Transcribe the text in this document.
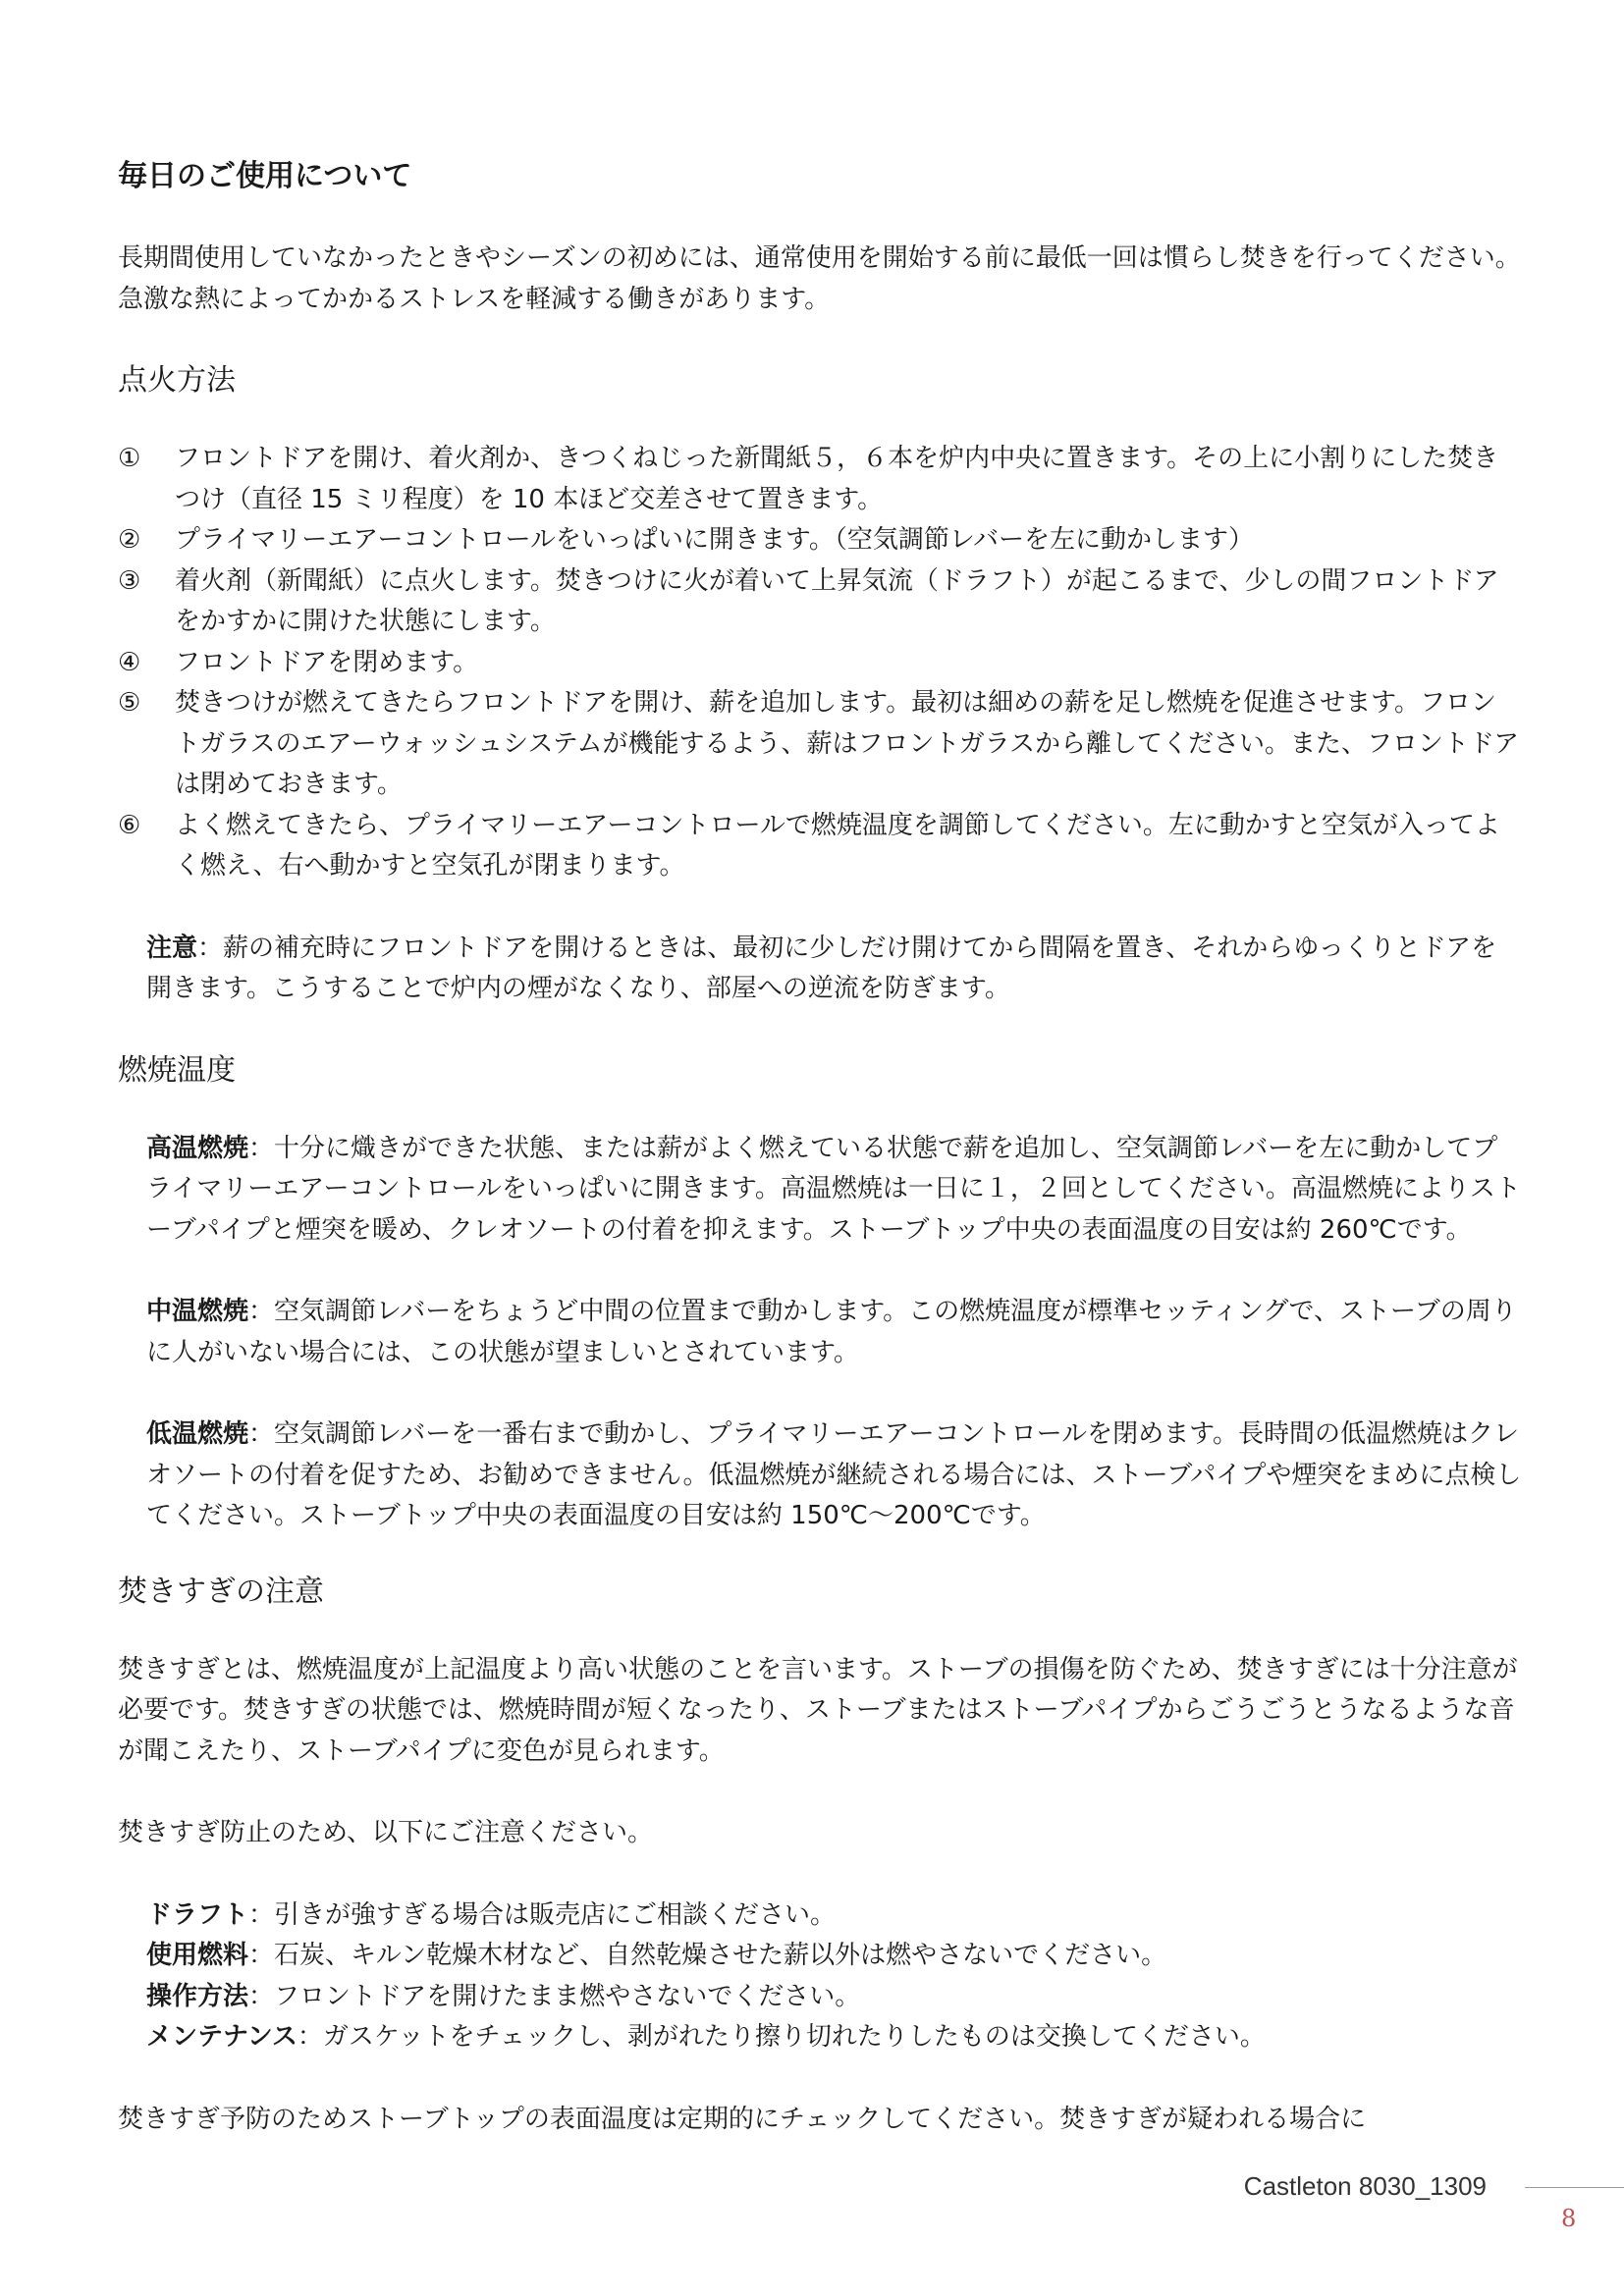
毎日のご使用について

長期間使用していなかったときやシーズンの初めには、通常使用を開始する前に最低一回は慣らし焚きを行ってください。急激な熱によってかかるストレスを軽減する働きがあります。

点火方法
①	フロントドアを開け、着火剤か、きつくねじった新聞紙５，６本を炉内中央に置きます。その上に小割りにした焚きつけ（直径 15 ミリ程度）を 10 本ほど交差させて置きます。
②	プライマリーエアーコントロールをいっぱいに開きます。（空気調節レバーを左に動かします）
③	着火剤（新聞紙）に点火します。焚きつけに火が着いて上昇気流（ドラフト）が起こるまで、少しの間フロントドアをかすかに開けた状態にします。
④	フロントドアを閉めます。
⑤	焚きつけが燃えてきたらフロントドアを開け、薪を追加します。最初は細めの薪を足し燃焼を促進させます。フロントガラスのエアーウォッシュシステムが機能するよう、薪はフロントガラスから離してください。また、フロントドアは閉めておきます。
⑥	よく燃えてきたら、プライマリーエアーコントロールで燃焼温度を調節してください。左に動かすと空気が入ってよく燃え、右へ動かすと空気孔が閉まります。

注意：薪の補充時にフロントドアを開けるときは、最初に少しだけ開けてから間隔を置き、それからゆっくりとドアを開きます。こうすることで炉内の煙がなくなり、部屋への逆流を防ぎます。

燃焼温度

高温燃焼：十分に熾きができた状態、または薪がよく燃えている状態で薪を追加し、空気調節レバーを左に動かしてプライマリーエアーコントロールをいっぱいに開きます。高温燃焼は一日に１，２回としてください。高温燃焼によりストーブパイプと煙突を暖め、クレオソートの付着を抑えます。ストーブトップ中央の表面温度の目安は約 260℃です。

中温燃焼：空気調節レバーをちょうど中間の位置まで動かします。この燃焼温度が標準セッティングで、ストーブの周りに人がいない場合には、この状態が望ましいとされています。

低温燃焼：空気調節レバーを一番右まで動かし、プライマリーエアーコントロールを閉めます。長時間の低温燃焼はクレオソートの付着を促すため、お勧めできません。低温燃焼が継続される場合には、ストーブパイプや煙突をまめに点検してください。ストーブトップ中央の表面温度の目安は約 150℃～200℃です。

焚きすぎの注意

焚きすぎとは、燃焼温度が上記温度より高い状態のことを言います。ストーブの損傷を防ぐため、焚きすぎには十分注意が必要です。焚きすぎの状態では、燃焼時間が短くなったり、ストーブまたはストーブパイプからごうごうとうなるような音が聞こえたり、ストーブパイプに変色が見られます。

焚きすぎ防止のため、以下にご注意ください。

ドラフト：引きが強すぎる場合は販売店にご相談ください。
使用燃料：石炭、キルン乾燥木材など、自然乾燥させた薪以外は燃やさないでください。
操作方法：フロントドアを開けたまま燃やさないでください。
メンテナンス：ガスケットをチェックし、剥がれたり擦り切れたりしたものは交換してください。

焚きすぎ予防のためストーブトップの表面温度は定期的にチェックしてください。焚きすぎが疑われる場合に

Castleton 8030_1309
8
